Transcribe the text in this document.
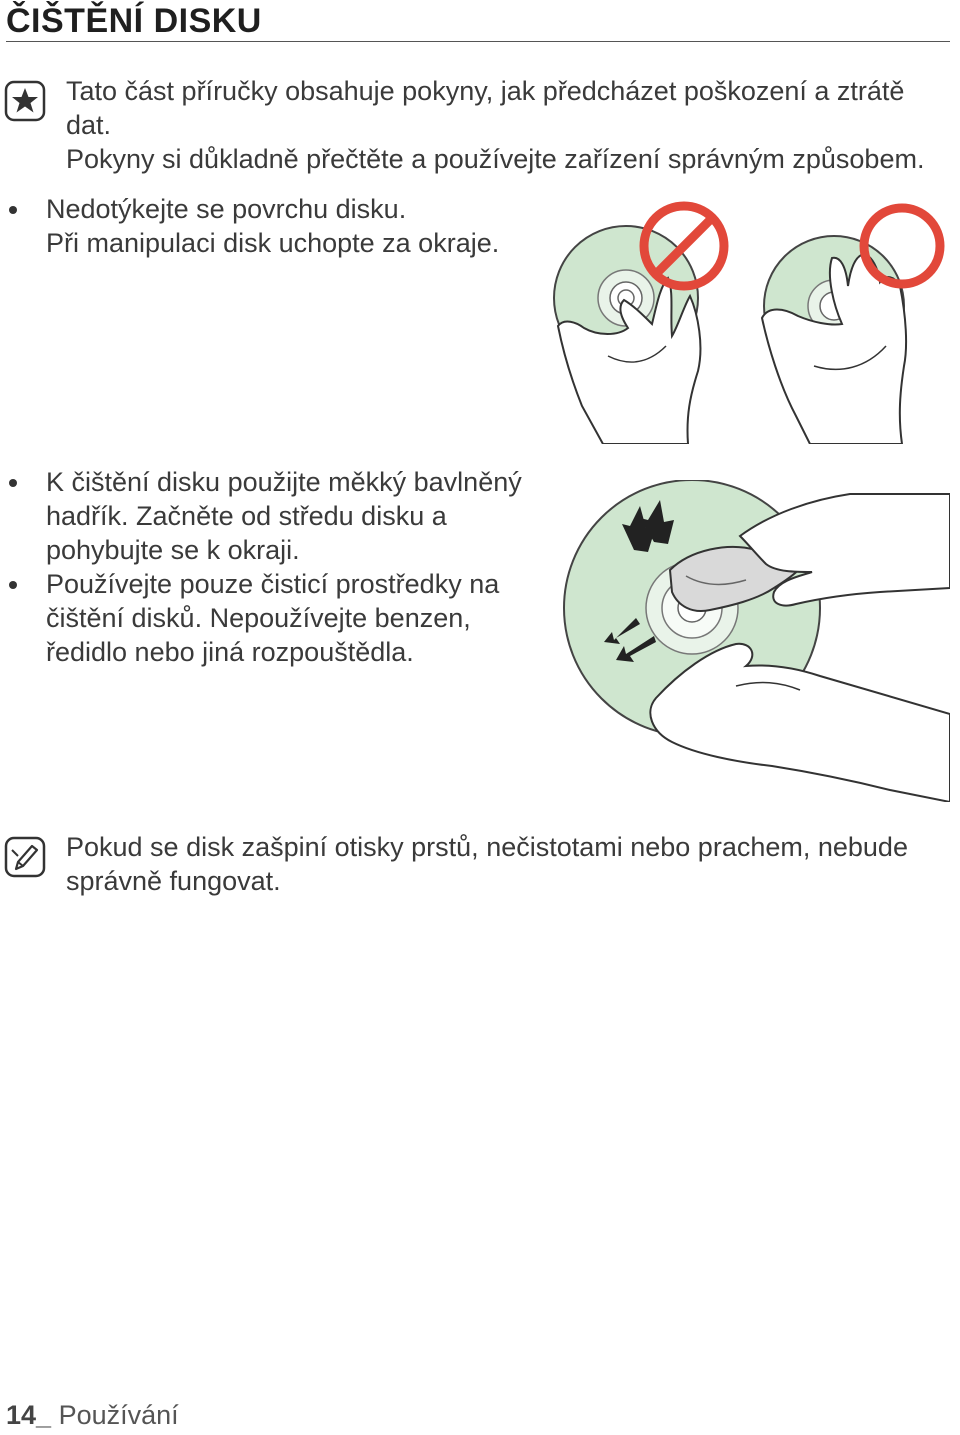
ČIŠTĚNÍ DISKU
Tato část příručky obsahuje pokyny, jak předcházet poškození a ztrátě
dat.
Pokyny si důkladně přečtěte a používejte zařízení správným způsobem.
Nedotýkejte se povrchu disku.
Při manipulaci disk uchopte za okraje.
K čištění disku použijte měkký bavlněný
hadřík. Začněte od středu disku a
pohybujte se k okraji.
Používejte pouze čisticí prostředky na
čištění disků. Nepoužívejte benzen,
ředidlo nebo jiná rozpouštědla.
Pokud se disk zašpiní otisky prstů, nečistotami nebo prachem, nebude
správně fungovat.
14_ Používání
